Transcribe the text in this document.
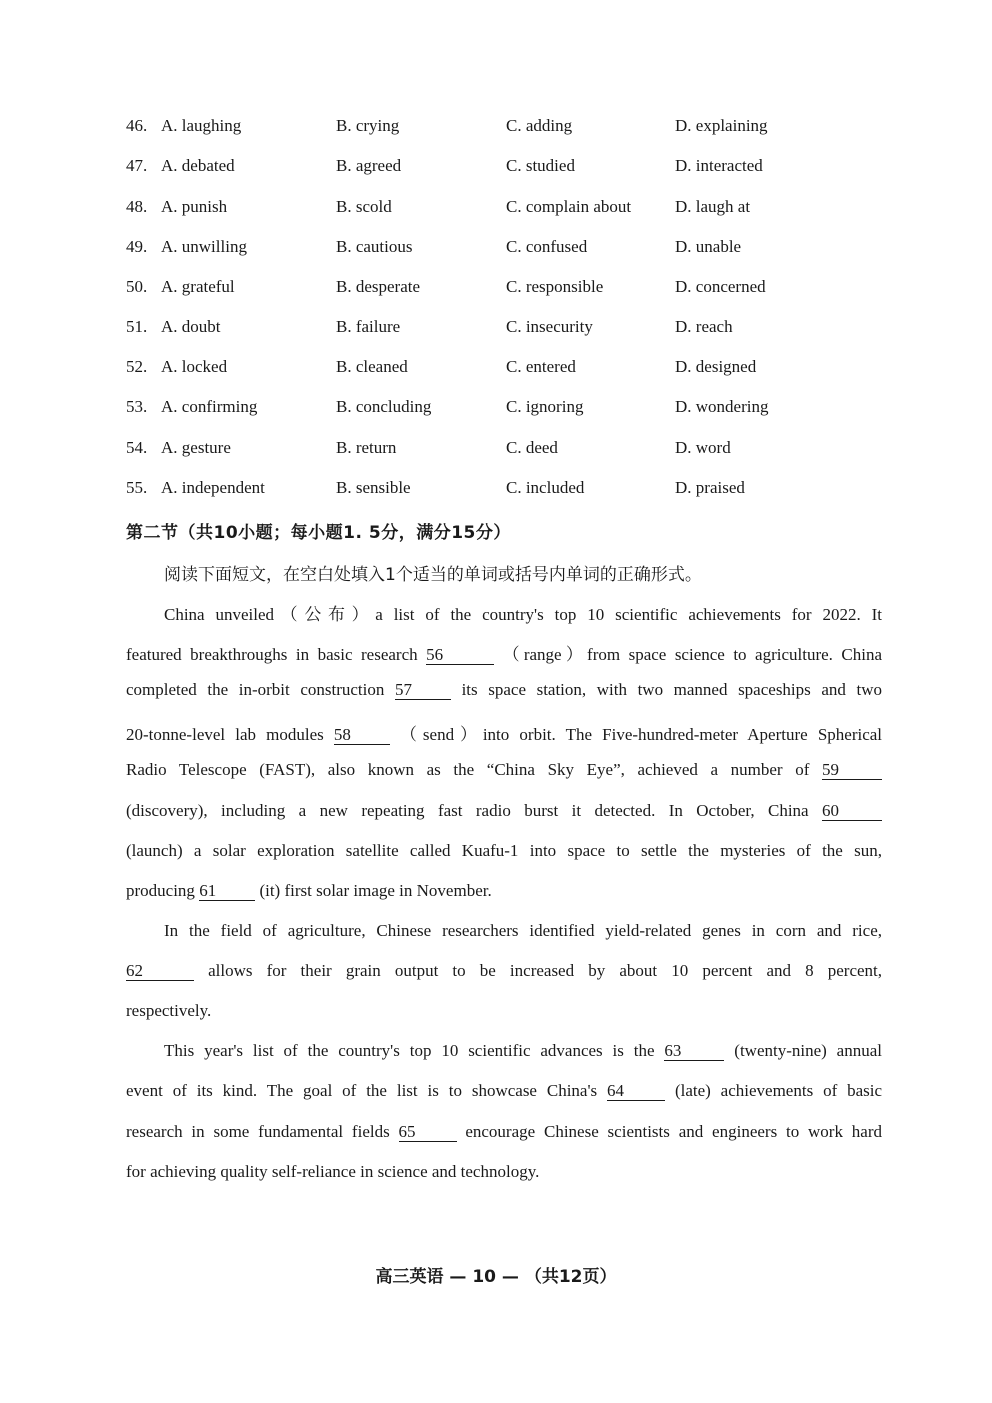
46. A. laughing	B. crying	C. adding	D. explaining
47. A. debated	B. agreed	C. studied	D. interacted
48. A. punish	B. scold	C. complain about	D. laugh at
49. A. unwilling	B. cautious	C. confused	D. unable
50. A. grateful	B. desperate	C. responsible	D. concerned
51. A. doubt	B. failure	C. insecurity	D. reach
52. A. locked	B. cleaned	C. entered	D. designed
53. A. confirming	B. concluding	C. ignoring	D. wondering
54. A. gesture	B. return	C. deed	D. word
55. A. independent	B. sensible	C. included	D. praised
第二节（共10小题；每小题1. 5分，满分15分）
阅读下面短文，在空白处填入1个适当的单词或括号内单词的正确形式。
China unveiled（公布）a list of the country's top 10 scientific achievements for 2022. It
featured breakthroughs in basic research 56	（range）from space science to agriculture. China
completed the in-orbit construction 57	its space station, with two manned spaceships and two
20-tonne-level lab modules 58	（send）into orbit. The Five-hundred-meter Aperture Spherical
Radio Telescope (FAST), also known as the “China Sky Eye”, achieved a number of 59
(discovery), including a new repeating fast radio burst it detected. In October, China 60
(launch) a solar exploration satellite called Kuafu-1 into space to settle the mysteries of the sun,
producing 61	(it) first solar image in November.
In the field of agriculture, Chinese researchers identified yield-related genes in corn and rice,
62	allows for their grain output to be increased by about 10 percent and 8 percent,
respectively.
This year's list of the country's top 10 scientific advances is the 63	(twenty-nine) annual
event of its kind. The goal of the list is to showcase China's 64	(late) achievements of basic
research in some fundamental fields 65	encourage Chinese scientists and engineers to work hard
for achieving quality self-reliance in science and technology.
高三英语 — 10 — （共12页）
